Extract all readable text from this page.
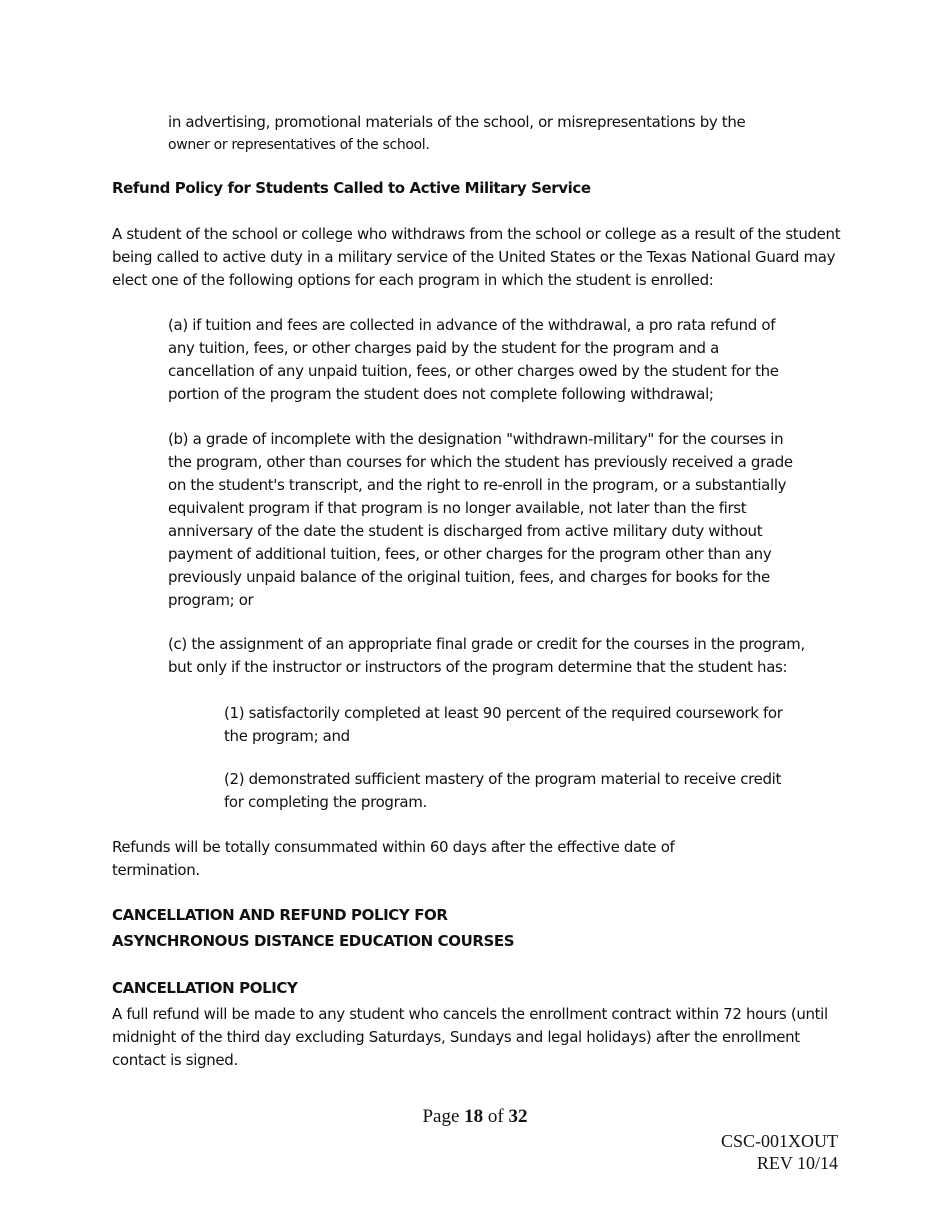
in advertising, promotional materials of the school, or misrepresentations by the
owner or representatives of the school.
Refund Policy for Students Called to Active Military Service

A student of the school or college who withdraws from the school or college as a result of the student being called to active duty in a military service of the United States or the Texas National Guard may elect one of the following options for each program in which the student is enrolled:

(a) if tuition and fees are collected in advance of the withdrawal, a pro rata refund of any tuition, fees, or other charges paid by the student for the program and a cancellation of any unpaid tuition, fees, or other charges owed by the student for the portion of the program the student does not complete following withdrawal;

(b) a grade of incomplete with the designation "withdrawn-military" for the courses in the program, other than courses for which the student has previously received a grade on the student's transcript, and the right to re-enroll in the program, or a substantially equivalent program if that program is no longer available, not later than the first anniversary of the date the student is discharged from active military duty without payment of additional tuition, fees, or other charges for the program other than any previously unpaid balance of the original tuition, fees, and charges for books for the program; or

(c) the assignment of an appropriate final grade or credit for the courses in the program, but only if the instructor or instructors of the program determine that the student has:

(1) satisfactorily completed at least 90 percent of the required coursework for the program; and

(2) demonstrated sufficient mastery of the program material to receive credit for completing the program.

Refunds will be totally consummated within 60 days after the effective date of termination.

CANCELLATION AND REFUND POLICY FOR
ASYNCHRONOUS DISTANCE EDUCATION COURSES
CANCELLATION POLICY

A full refund will be made to any student who cancels the enrollment contract within 72 hours (until midnight of the third day excluding Saturdays, Sundays and legal holidays) after the enrollment contact is signed.

Page 18 of 32
CSC-001XOUT
REV 10/14
